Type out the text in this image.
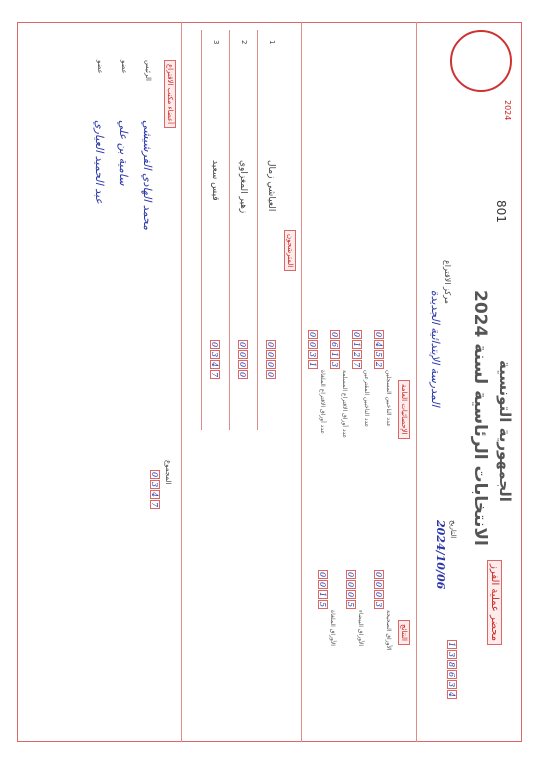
2024
الجمهورية التونسية
الانتخابات الرئاسية لسنة 2024
محضر عملية الفرز
801
مركز الاقتراع
المدرسة الإبتدائية الجديدة
التاريخ
2024/10/06
1
3
8
6
3
4
الإحصائيات العامة
النتائج
عدد الناخبين المسجلين
0
4
5
2
عدد الناخبين المقترعين
0
1
2
7
عدد أوراق الاقتراع المسلمة
0
6
1
3
عدد أوراق الاقتراع الملغاة
0
0
3
1
الأوراق الصحيحة
0
0
0
3
الأوراق البيضاء
0
0
0
5
الأوراق الملغاة
0
0
1
5
المترشحون
1
العياشي زمال
0
0
0
0
2
زهير المغزاوي
0
0
0
0
3
قيس سعيد
0
3
4
7
أعضاء مكتب الاقتراع
الرئيس
محمد الهادي الفرشيشي
عضو
سامية بن علي
عضو
عبد الحميد العياري
المجموع
0
3
4
7
